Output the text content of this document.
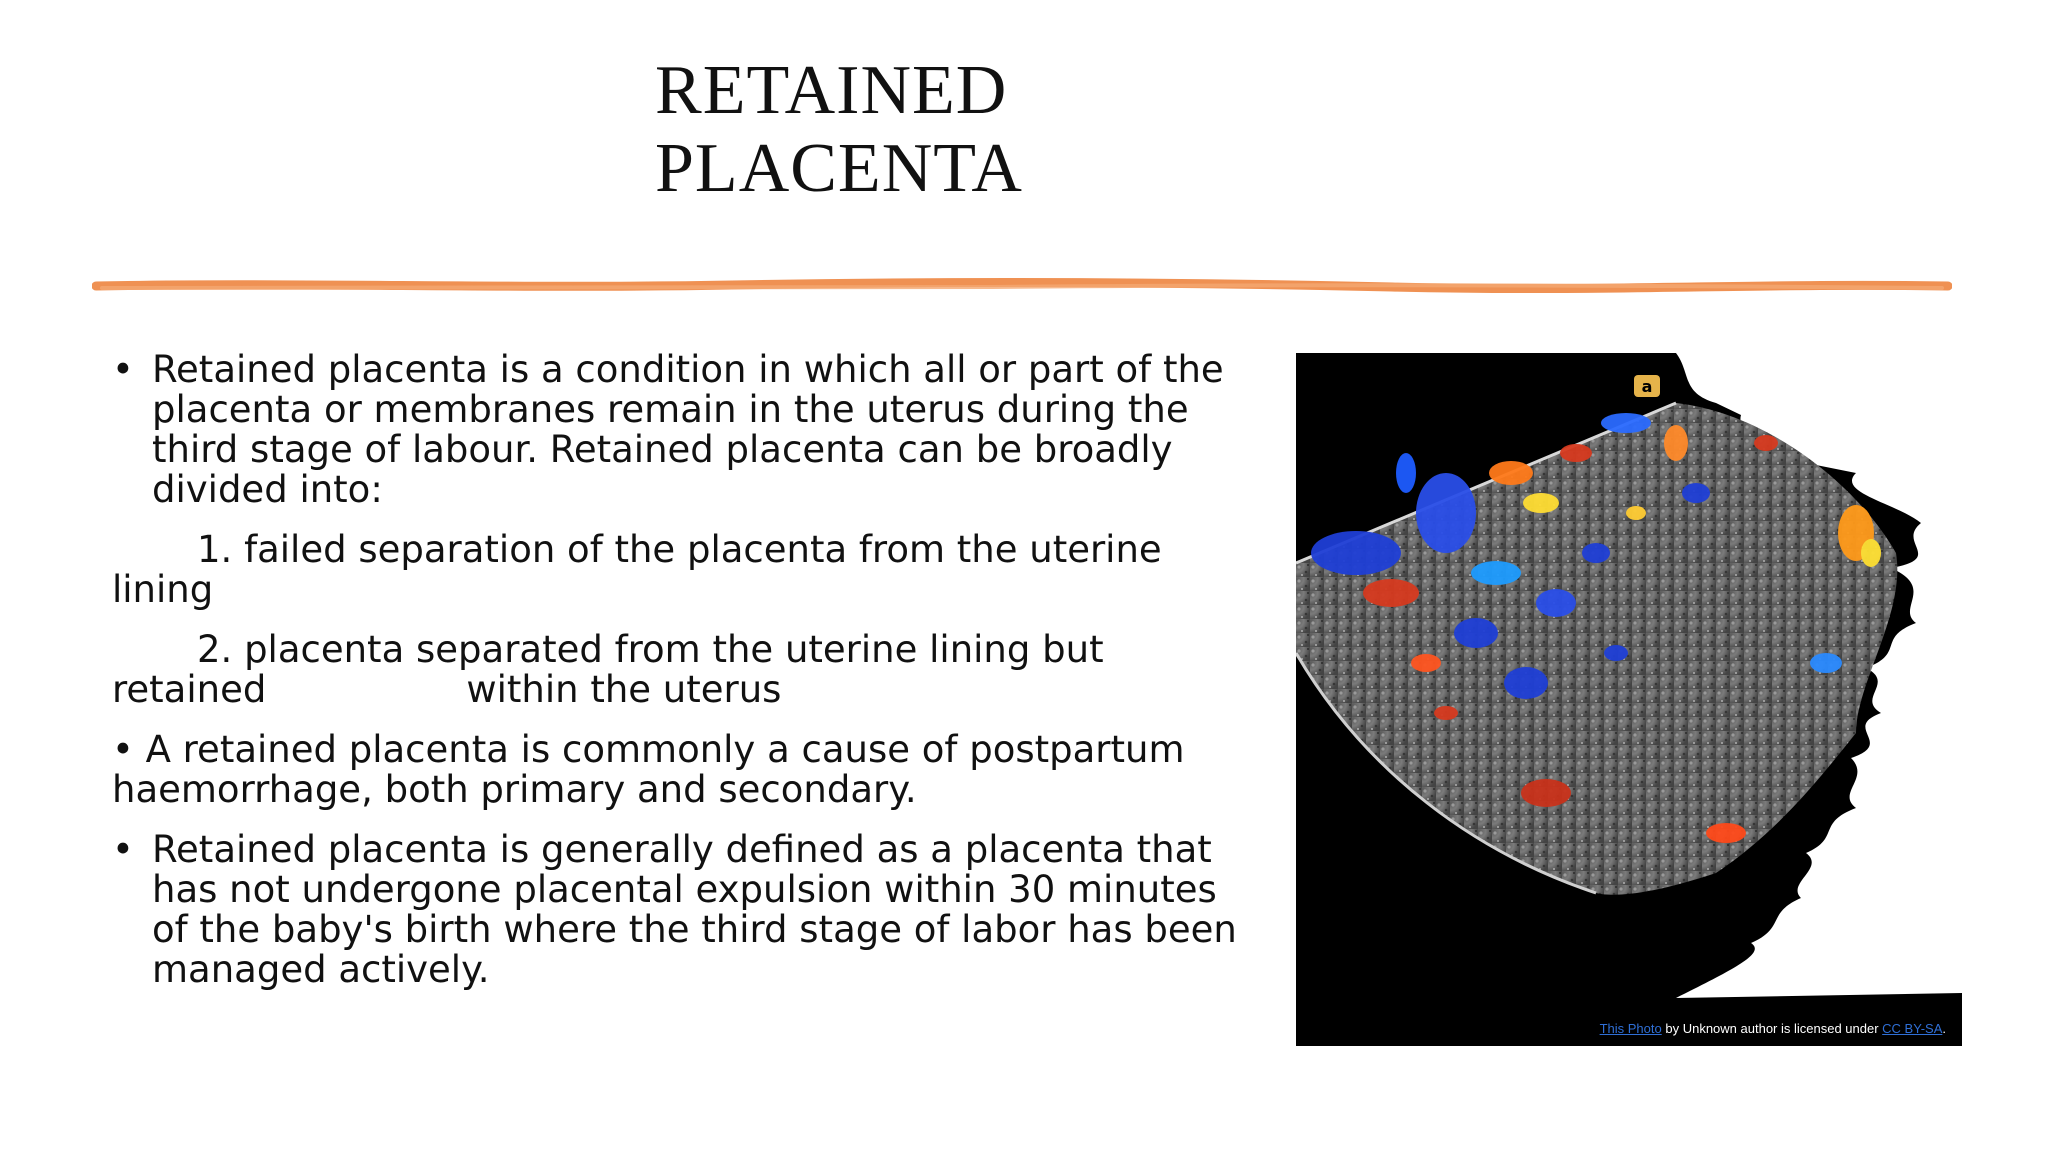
RETAINED
PLACENTA
• Retained placenta is a condition in which all or part of the placenta or membranes remain in the uterus during the third stage of labour. Retained placenta can be broadly divided into:
1. failed separation of the placenta from the uterine
lining
2. placenta separated from the uterine lining but
retained	within the uterus
• A retained placenta is commonly a cause of postpartum haemorrhage, both primary and secondary.
• Retained placenta is generally defined as a placenta that has not undergone placental expulsion within 30 minutes of the baby's birth where the third stage of labor has been managed actively.
a
This Photo by Unknown author is licensed under CC BY-SA.
